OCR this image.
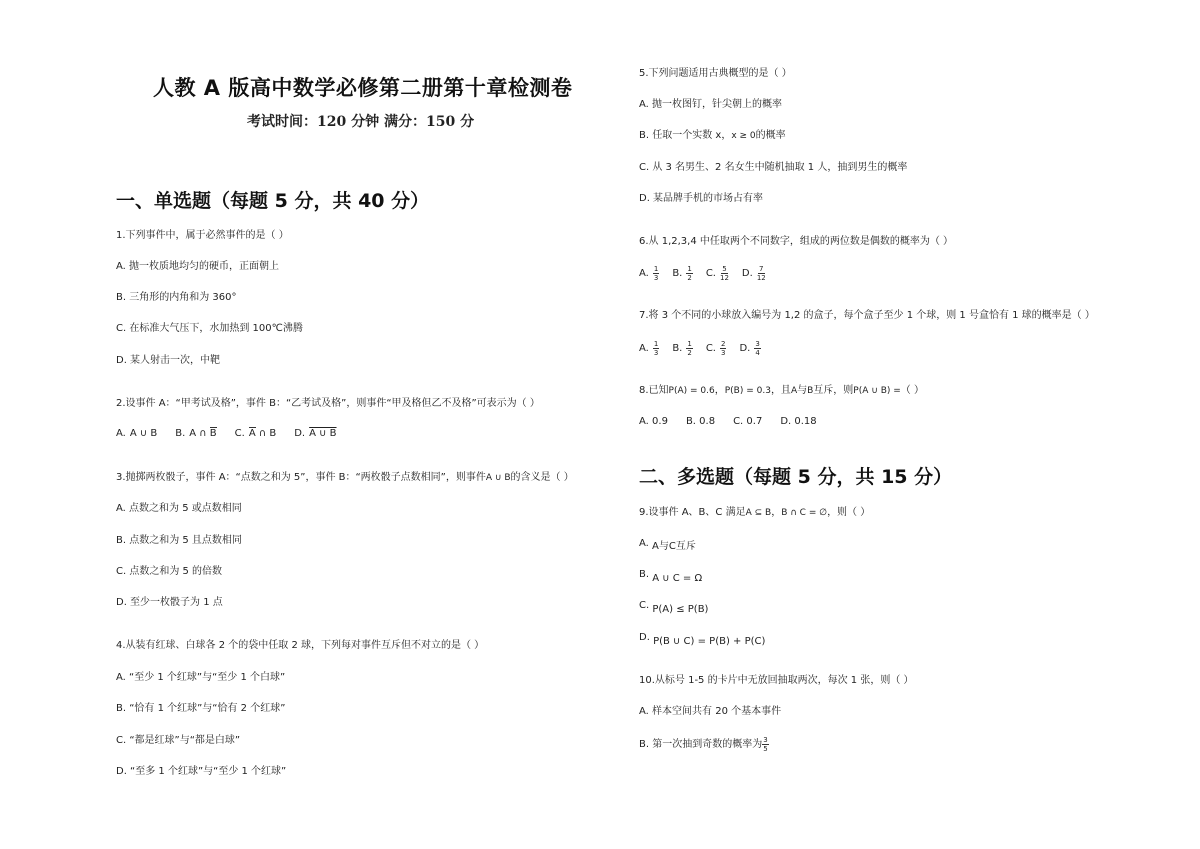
人教 A 版高中数学必修第二册第十章检测卷
考试时间：120 分钟 满分：150 分
一、单选题（每题 5 分，共 40 分）
1.下列事件中，属于必然事件的是（ ）
A. 抛一枚质地均匀的硬币，正面朝上
B. 三角形的内角和为 360°
C. 在标准大气压下，水加热到 100℃沸腾
D. 某人射击一次，中靶
2.设事件 A：“甲考试及格”，事件 B：“乙考试及格”，则事件“甲及格但乙不及格”可表示为（ ）
A. A ∪ B B. A ∩ B C. A ∩ B D. A ∪ B
3.抛掷两枚骰子，事件 A：“点数之和为 5”，事件 B：“两枚骰子点数相同”，则事件A ∪ B的含义是（ ）
A. 点数之和为 5 或点数相同
B. 点数之和为 5 且点数相同
C. 点数之和为 5 的倍数
D. 至少一枚骰子为 1 点
4.从装有红球、白球各 2 个的袋中任取 2 球，下列每对事件互斥但不对立的是（ ）
A. “至少 1 个红球”与“至少 1 个白球”
B. “恰有 1 个红球”与“恰有 2 个红球”
C. “都是红球”与“都是白球”
D. “至多 1 个红球”与“至少 1 个红球”
5.下列问题适用古典概型的是（ ）
A. 抛一枚图钉，针尖朝上的概率
B. 任取一个实数 x，x ≥ 0的概率
C. 从 3 名男生、2 名女生中随机抽取 1 人，抽到男生的概率
D. 某品牌手机的市场占有率
6.从 1,2,3,4 中任取两个不同数字，组成的两位数是偶数的概率为（ ）
A. $\frac{1}{3} B$. $\frac{1}{2} C$. $\frac{5}{12} D$. $\frac{7}{12}$
7.将 3 个不同的小球放入编号为 1,2 的盒子，每个盒子至少 1 个球，则 1 号盒恰有 1 球的概率是（ ）
A. $\frac{1}{3} B$. $\frac{1}{2} C$. $\frac{2}{3} D$. $\frac{3}{4}$
8.已知P(A) = 0.6，P(B) = 0.3，且A与B互斥，则P(A ∪ B) =（ ）
A. 0.9 B. 0.8 C. 0.7 D. 0.18
二、多选题（每题 5 分，共 15 分）
9.设事件 A、B、C 满足A ⊆ B，B ∩ C = ∅，则（ ）
A. A与C互斥
B. A ∪ C = Ω
C. P(A) ≤ P(B)
D. P(B ∪ C) = P(B) + P(C)
10.从标号 1-5 的卡片中无放回抽取两次，每次 1 张，则（ ）
A. 样本空间共有 20 个基本事件
B. 第一次抽到奇数的概率为 $\frac{3}{5}$
